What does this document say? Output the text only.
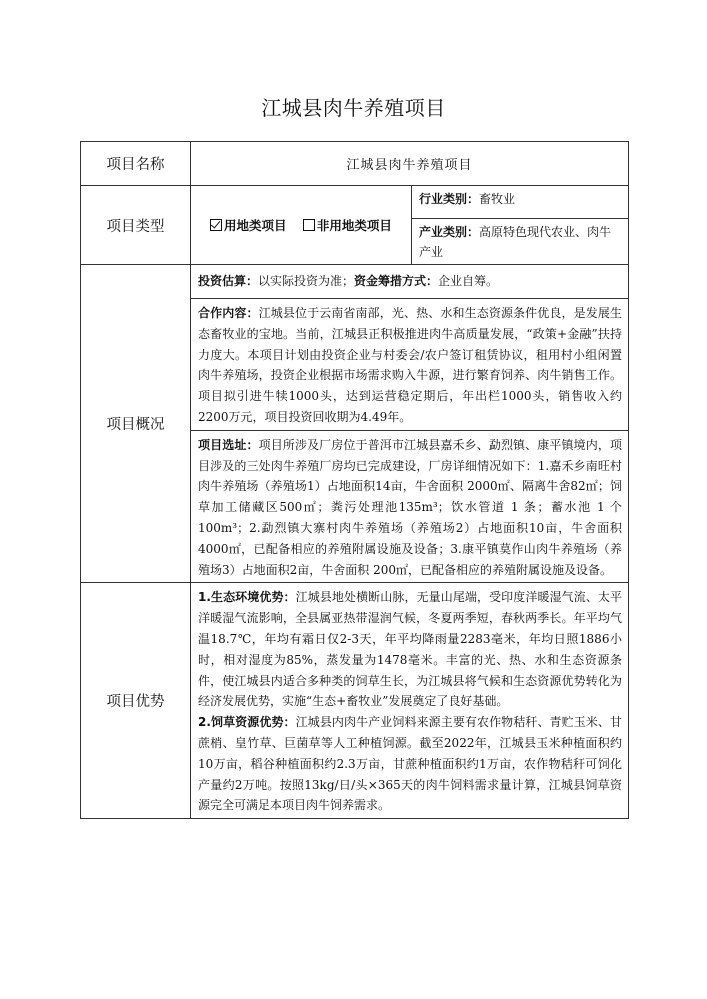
江城县肉牛养殖项目
项目名称	江城县肉牛养殖项目	
项目类型	用地类项目 非用地类项目	行业类别：畜牧业
		产业类别：高原特色现代农业、肉牛产业
项目概况	投资估算：以实际投资为准；资金筹措方式：企业自筹。	
	合作内容：江城县位于云南省南部，光、热、水和生态资源条件优良，是发展生态畜牧业的宝地。当前，江城县正积极推进肉牛高质量发展，“政策+金融”扶持力度大。本项目计划由投资企业与村委会/农户签订租赁协议，租用村小组闲置肉牛养殖场，投资企业根据市场需求购入牛源，进行繁育饲养、肉牛销售工作。项目拟引进牛犊1000头，达到运营稳定期后，年出栏1000头，销售收入约2200万元，项目投资回收期为4.49年。	
	项目选址：项目所涉及厂房位于普洱市江城县嘉禾乡、勐烈镇、康平镇境内，项目涉及的三处肉牛养殖厂房均已完成建设，厂房详细情况如下：1.嘉禾乡南旺村肉牛养殖场（养殖场1）占地面积14亩，牛舍面积 2000㎡、隔离牛舍82㎡；饲草加工储藏区500㎡；粪污处理池135m³；饮水管道 1 条；蓄水池 1 个100m³；2.勐烈镇大寨村肉牛养殖场（养殖场2）占地面积10亩，牛舍面积 4000㎡，已配备相应的养殖附属设施及设备；3.康平镇莫作山肉牛养殖场（养殖场3）占地面积2亩，牛舍面积 200㎡，已配备相应的养殖附属设施及设备。	
项目优势	1.生态环境优势：江城县地处横断山脉，无量山尾端，受印度洋暖湿气流、太平洋暖湿气流影响，全县属亚热带湿润气候，冬夏两季短，春秋两季长。年平均气温18.7℃，年均有霜日仅2-3天，年平均降雨量2283毫米，年均日照1886小时，相对湿度为85%，蒸发量为1478毫米。丰富的光、热、水和生态资源条件，使江城县内适合多种类的饲草生长，为江城县将气候和生态资源优势转化为经济发展优势，实施“生态+畜牧业”发展奠定了良好基础。
2.饲草资源优势：江城县内肉牛产业饲料来源主要有农作物秸秆、青贮玉米、甘蔗梢、皇竹草、巨菌草等人工种植饲源。截至2022年，江城县玉米种植面积约10万亩，稻谷种植面积约2.3万亩，甘蔗种植面积约1万亩，农作物秸秆可饲化产量约2万吨。按照13kg/日/头×365天的肉牛饲料需求量计算，江城县饲草资源完全可满足本项目肉牛饲养需求。	
